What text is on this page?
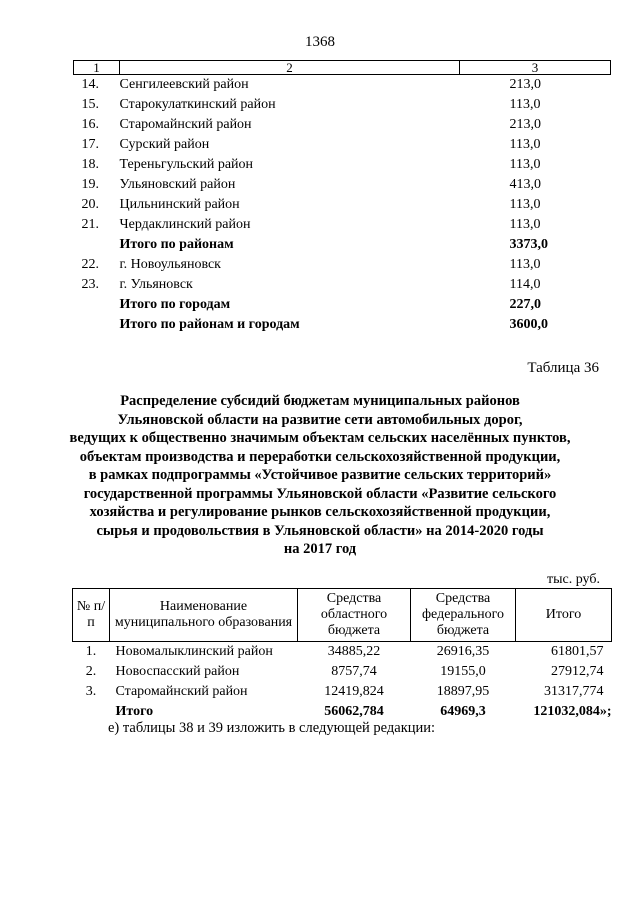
1368
1	2	3
14.	Сенгилеевский район	213,0
15.	Старокулаткинский район	113,0
16.	Старомайнский район	213,0
17.	Сурский район	113,0
18.	Тереньгульский район	113,0
19.	Ульяновский район	413,0
20.	Цильнинский район	113,0
21.	Чердаклинский район	113,0
	Итого по районам	3373,0
22.	г. Новоульяновск	113,0
23.	г. Ульяновск	114,0
	Итого по городам	227,0
	Итого по районам и городам	3600,0
Таблица 36
Распределение субсидий бюджетам муниципальных районов
Ульяновской области на развитие сети автомобильных дорог,
ведущих к общественно значимым объектам сельских населённых пунктов,
объектам производства и переработки сельскохозяйственной продукции,
в рамках подпрограммы «Устойчивое развитие сельских территорий»
государственной программы Ульяновской области «Развитие сельского
хозяйства и регулирование рынков сельскохозяйственной продукции,
сырья и продовольствия в Ульяновской области» на 2014-2020 годы
на 2017 год
тыс. руб.
№ п/п	Наименование муниципального образования	Средства областного бюджета	Средства федерального бюджета	Итого
1.	Новомалыклинский район	34885,22	26916,35	61801,57
2.	Новоспасский район	8757,74	19155,0	27912,74
3.	Старомайнский район	12419,824	18897,95	31317,774
	Итого	56062,784	64969,3	121032,084»;
е) таблицы 38 и 39 изложить в следующей редакции:
